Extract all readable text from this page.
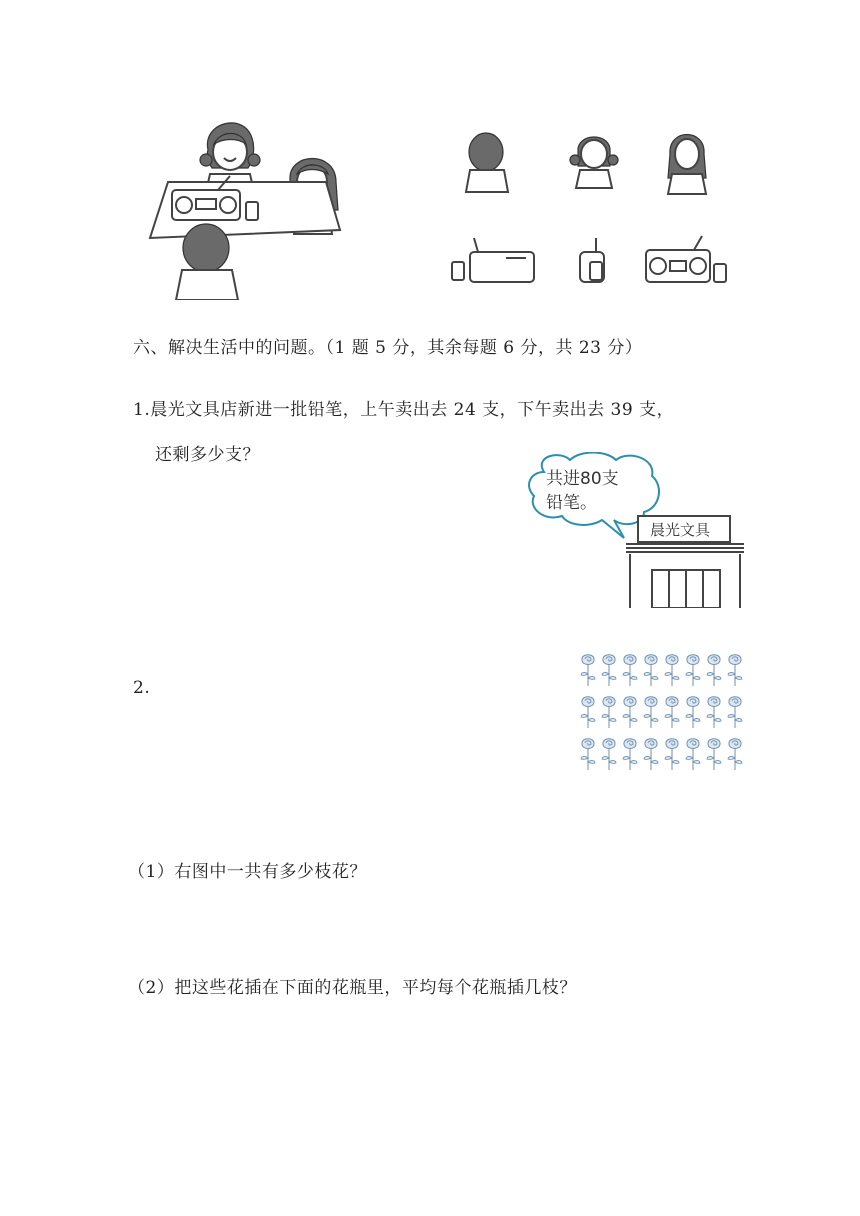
六、解决生活中的问题。（1 题 5 分，其余每题 6 分，共 23 分）
1.晨光文具店新进一批铅笔，上午卖出去 24 支，下午卖出去 39 支，
还剩多少支？
共进80支
铅笔。
晨光文具
2.
（1）右图中一共有多少枝花？
（2）把这些花插在下面的花瓶里，平均每个花瓶插几枝？
